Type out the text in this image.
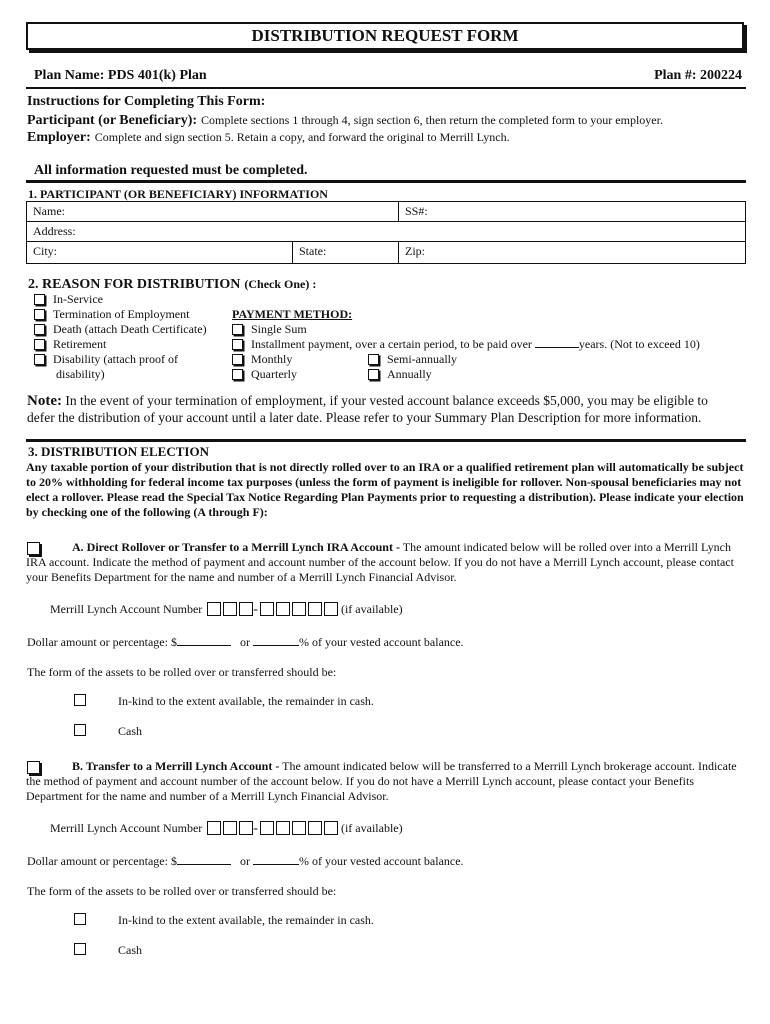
DISTRIBUTION REQUEST FORM
Plan Name: PDS 401(k) Plan	Plan #: 200224
Instructions for Completing This Form:
Participant (or Beneficiary): Complete sections 1 through 4, sign section 6, then return the completed form to your employer.
Employer: Complete and sign section 5. Retain a copy, and forward the original to Merrill Lynch.
All information requested must be completed.
1. PARTICIPANT (OR BENEFICIARY) INFORMATION
Name:	SS#:
Address:
City:	State:	Zip:
2. REASON FOR DISTRIBUTION (Check One) :
In-Service
Termination of Employment
Death (attach Death Certificate)
Retirement
Disability (attach proof of
disability)
PAYMENT METHOD:
Single Sum
Installment payment, over a certain period, to be paid over	years. (Not to exceed 10)
Monthly	Semi-annually
Quarterly	Annually
Note: In the event of your termination of employment, if your vested account balance exceeds $5,000, you may be eligible to
defer the distribution of your account until a later date. Please refer to your Summary Plan Description for more information.
3. DISTRIBUTION ELECTION
Any taxable portion of your distribution that is not directly rolled over to an IRA or a qualified retirement plan will automatically be subject to 20% withholding for federal income tax purposes (unless the form of payment is ineligible for rollover. Non-spousal beneficiaries may not elect a rollover. Please read the Special Tax Notice Regarding Plan Payments prior to requesting a distribution). Please indicate your election by checking one of the following (A through F):
A. Direct Rollover or Transfer to a Merrill Lynch IRA Account - The amount indicated below will be rolled over into a Merrill Lynch IRA account. Indicate the method of payment and account number of the account below. If you do not have a Merrill Lynch account, please contact your Benefits Department for the name and number of a Merrill Lynch Financial Advisor.
Merrill Lynch Account Number	-	(if available)
Dollar amount or percentage: $	or	% of your vested account balance.
The form of the assets to be rolled over or transferred should be:
In-kind to the extent available, the remainder in cash.
Cash
B. Transfer to a Merrill Lynch Account - The amount indicated below will be transferred to a Merrill Lynch brokerage account. Indicate the method of payment and account number of the account below. If you do not have a Merrill Lynch account, please contact your Benefits Department for the name and number of a Merrill Lynch Financial Advisor.
Merrill Lynch Account Number	-	(if available)
Dollar amount or percentage: $	or	% of your vested account balance.
The form of the assets to be rolled over or transferred should be:
In-kind to the extent available, the remainder in cash.
Cash
